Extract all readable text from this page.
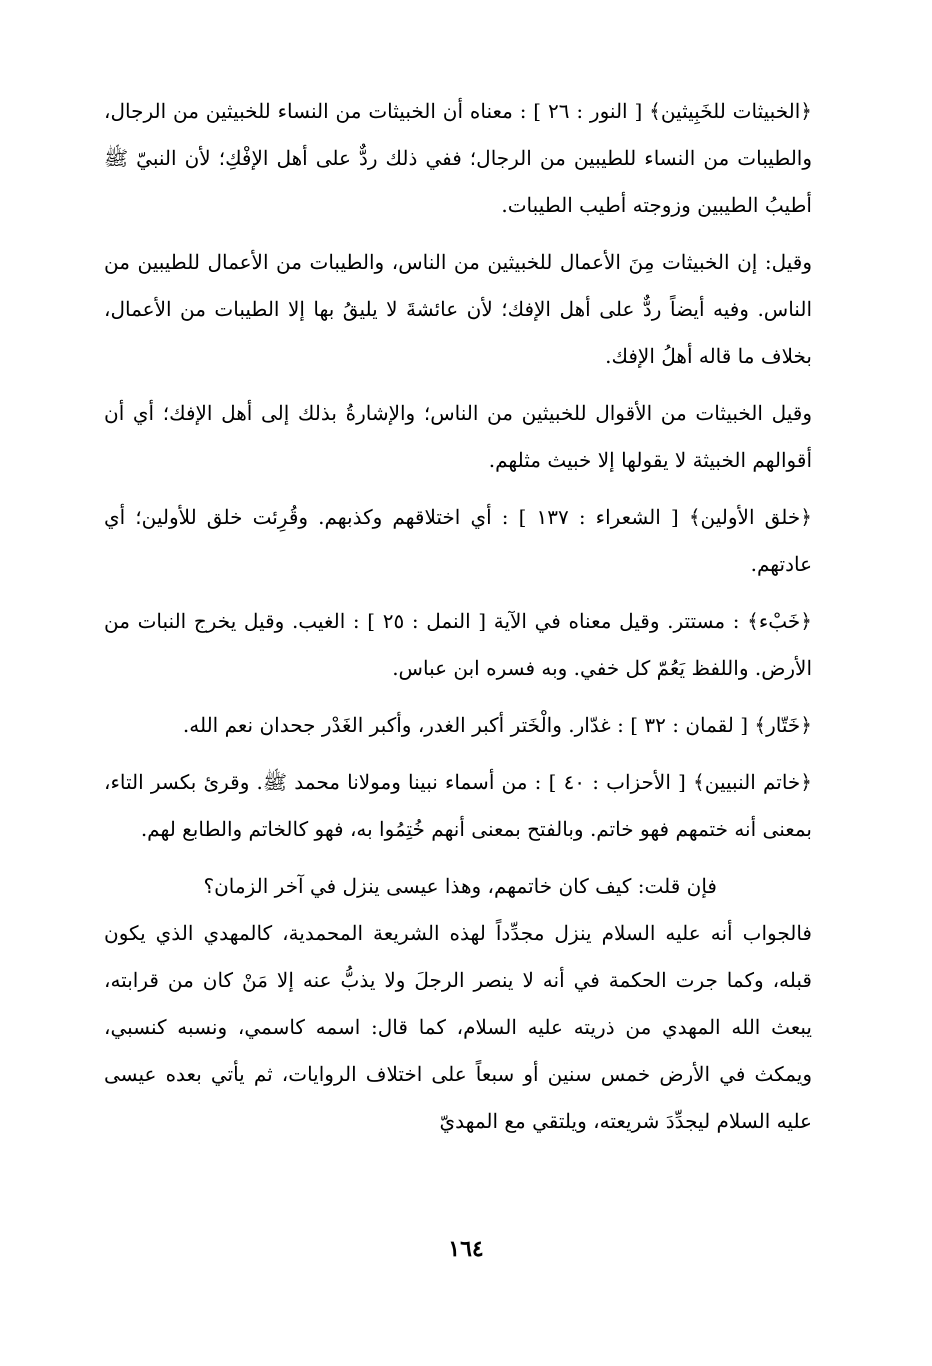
﴿الخبيثات للخَبِيثين﴾ [ النور : ٢٦ ] : معناه أن الخبيثات من النساء للخبيثين من الرجال، والطيبات من النساء للطيبين من الرجال؛ ففي ذلك ردٌّ على أهل الإفْكِ؛ لأن النبيّ ﷺ أطيبُ الطيبين وزوجته أطيب الطيبات.

وقيل: إن الخبيثات مِنَ الأعمال للخبيثين من الناس، والطيبات من الأعمال للطيبين من الناس. وفيه أيضاً ردٌّ على أهل الإفك؛ لأن عائشةَ لا يليقُ بها إلا الطيبات من الأعمال، بخلاف ما قاله أهلُ الإفك.

وقيل الخبيثات من الأقوال للخبيثين من الناس؛ والإشارةُ بذلك إلى أهل الإفك؛ أي أن أقوالهم الخبيثة لا يقولها إلا خبيث مثلهم.

﴿خلق الأولين﴾ [ الشعراء : ١٣٧ ] : أي اختلاقهم وكذبهم. وقُرِئت خلق للأولين؛ أي عادتهم.

﴿خَبْء﴾ : مستتر. وقيل معناه في الآية [ النمل : ٢٥ ] : الغيب. وقيل يخرج النبات من الأرض. واللفظ يَعُمّ كل خفي. وبه فسره ابن عباس.

﴿خَتّار﴾ [ لقمان : ٣٢ ] : غدّار. والْخَتر أكبر الغدر، وأكبر الغَدْر جحدان نعم الله.

﴿خاتم النبيين﴾ [ الأحزاب : ٤٠ ] : من أسماء نبينا ومولانا محمد ﷺ. وقرئ بكسر التاء، بمعنى أنه ختمهم فهو خاتم. وبالفتح بمعنى أنهم خُتِمُوا به، فهو كالخاتم والطابع لهم.

فإن قلت: كيف كان خاتمهم، وهذا عيسى ينزل في آخر الزمان؟

فالجواب أنه عليه السلام ينزل مجدِّداً لهذه الشريعة المحمدية، كالمهدي الذي يكون قبله، وكما جرت الحكمة في أنه لا ينصر الرجلَ ولا يذبُّ عنه إلا مَنْ كان من قرابته، يبعث الله المهدي من ذريته عليه السلام، كما قال: اسمه كاسمي، ونسبه كنسبي، ويمكث في الأرض خمس سنين أو سبعاً على اختلاف الروايات، ثم يأتي بعده عيسى عليه السلام ليجدِّدَ شريعته، ويلتقي مع المهديّ

١٦٤
